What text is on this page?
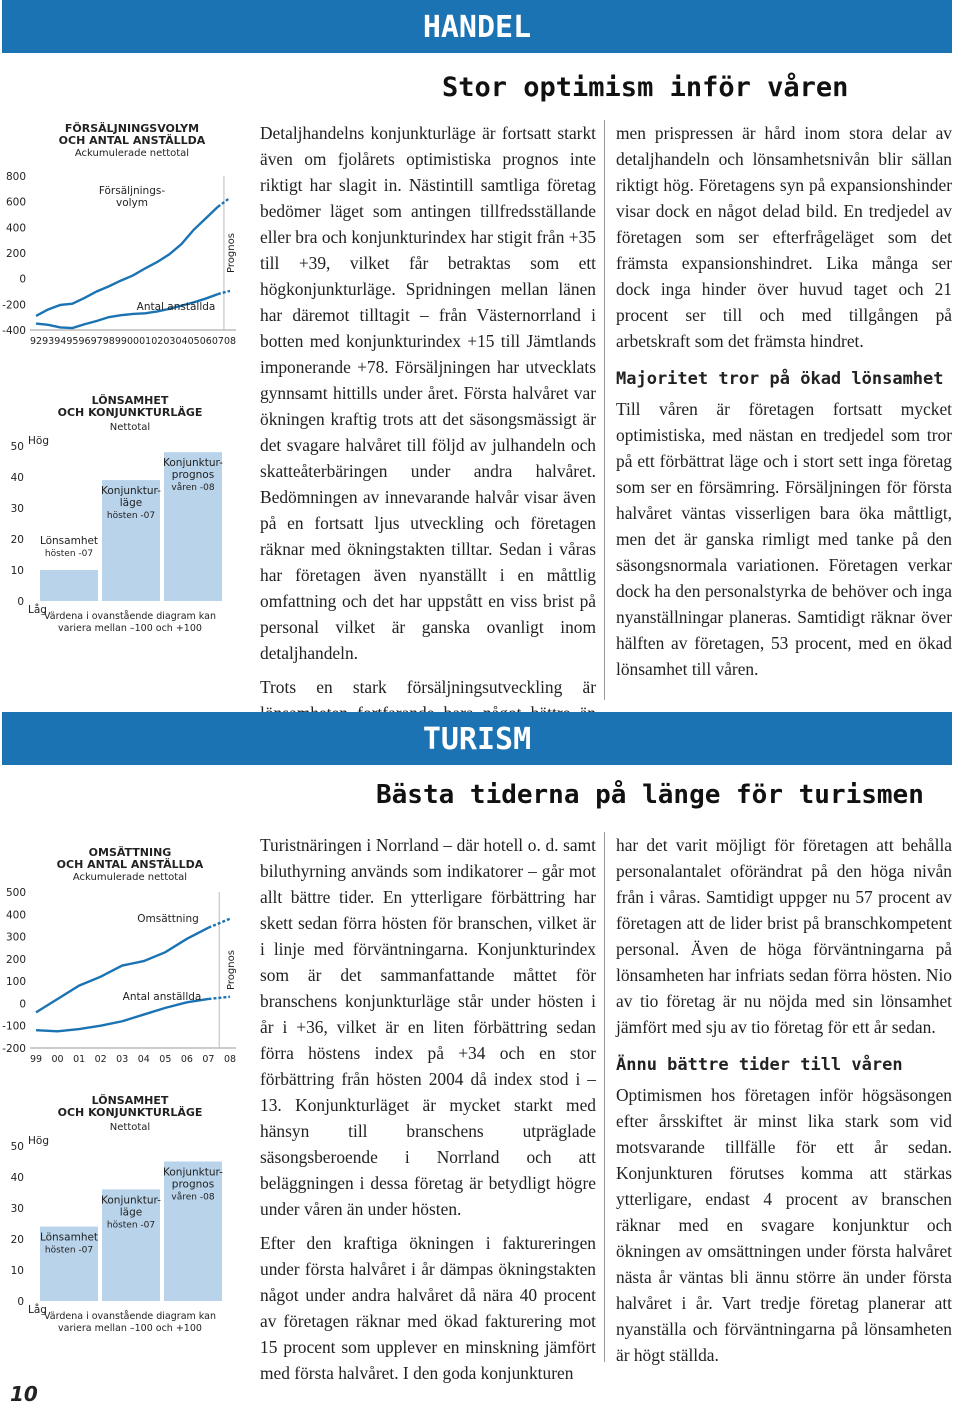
HANDEL
Stor optimism inför våren
FÖRSÄLJNINGSVOLYM
OCH ANTAL ANSTÄLLDA
Ackumulerade nettotal
800
600
400
200
0
-200
-400
92 93 94 95 96 97 98 99 00 01 02 03 04 05 06 07 08
Prognos
Försäljnings-
volym
Antal anställda
LÖNSAMHET
OCH KONJUNKTURLÄGE
Nettotal
50
40
30
20
10
0
Hög
Låg
Lönsamhet
hösten -07
Konjunktur-
läge
hösten -07
Konjunktur-
prognos
våren -08
Värdena i ovanstående diagram kan
variera mellan –100 och +100

Detaljhandelns konjunkturläge är fortsatt starkt även om fjolårets optimistiska prognos inte riktigt har slagit in. Nästintill samtliga företag bedömer läget som antingen tillfredsställande eller bra och konjunkturindex har stigit från +35 till +39, vilket får betraktas som ett högkonjunkturläge. Spridningen mellan länen har däremot tilltagit – från Västernorrland i botten med konjunkturindex +15 till Jämtlands imponerande +78. Försäljningen har utvecklats gynnsamt hittills under året. Första halvåret var ökningen kraftig trots att det säsongsmässigt är det svagare halvåret till följd av julhandeln och skatteåterbäringen under andra halvåret. Bedömningen av innevarande halvår visar även på en fortsatt ljus utveckling och företagen räknar med ökningstakten tilltar. Sedan i våras har företagen även nyanställt i en måttlig omfattning och det har uppstått en viss brist på personal vilket är ganska ovanligt inom detaljhandeln.

Trots en stark försäljningsutveckling är

men prispressen är hård inom stora delar av detaljhandeln och lönsamhetsnivån blir sällan riktigt hög. Företagens syn på expansionshinder visar dock en något delad bild. En tredjedel av företagen som ser efterfrågeläget som det främsta expansionshindret. Lika många ser dock inga hinder över huvud taget och 21 procent ser till och med tillgången på arbetskraft som det främsta hindret.

Majoritet tror på ökad lönsamhet

Till våren är företagen fortsatt mycket optimistiska, med nästan en tredjedel som tror på ett förbättrat läge och i stort sett inga företag som ser en försämring. Försäljningen för första halvåret väntas visserligen bara öka måttligt, men det är ganska rimligt med tanke på den säsongsnormala variationen. Företagen verkar dock ha den personalstyrka de behöver och inga nyanställningar planeras. Samtidigt räknar över hälften av företagen, 53 procent, med en ökad lönsamhet till våren.

TURISM
Bästa tiderna på länge för turismen
OMSÄTTNING
OCH ANTAL ANSTÄLLDA
Ackumulerade nettotal
500
400
300
200
100
0
-100
-200
99 00 01 02 03 04 05 06 07 08
Prognos
Omsättning
Antal anställda
LÖNSAMHET
OCH KONJUNKTURLÄGE
Nettotal
50
40
30
20
10
0
Hög
Låg
Lönsamhet
hösten -07
Konjunktur-
läge
hösten -07
Konjunktur-
prognos
våren -08
Värdena i ovanstående diagram kan
variera mellan –100 och +100

Turistnäringen i Norrland – där hotell o. d. samt biluthyrning används som indikatorer – går mot allt bättre tider. En ytterligare förbättring har skett sedan förra hösten för branschen, vilket är i linje med förväntningarna. Konjunkturindex som är det sammanfattande måttet för branschens konjunkturläge står under hösten i år i +36, vilket är en liten förbättring sedan förra höstens index på +34 och en stor förbättring från hösten 2004 då index stod i –13. Konjunkturläget är mycket starkt med hänsyn till branschens utpräglade säsongsberoende i Norrland och att beläggningen i dessa företag är betydligt högre under våren än under hösten.

Efter den kraftiga ökningen i faktureringen under första halvåret i år dämpas ökningstakten något under andra halvåret då nära 40 procent av företagen räknar med ökad fakturering mot 15 procent som upplever en minskning jämfört med första halvåret. I den goda konjunkturen

har det varit möjligt för företagen att behålla personalantalet oförändrat på den höga nivån från i våras. Samtidigt uppger nu 57 procent av företagen att de lider brist på branschkompetent personal. Även de höga förväntningarna på lönsamheten har infriats sedan förra hösten. Nio av tio företag är nu nöjda med sin lönsamhet jämfört med sju av tio företag för ett år sedan.

Ännu bättre tider till våren

Optimismen hos företagen inför högsäsongen efter årsskiftet är minst lika stark som vid motsvarande tillfälle för ett år sedan. Konjunkturen förutses komma att stärkas ytterligare, endast 4 procent av branschen räknar med en svagare konjunktur och ökningen av omsättningen under första halvåret nästa år väntas bli ännu större än under första halvåret i år. Vart tredje företag planerar att nyanställa och förväntningarna på lönsamheten är högt ställda.

10
